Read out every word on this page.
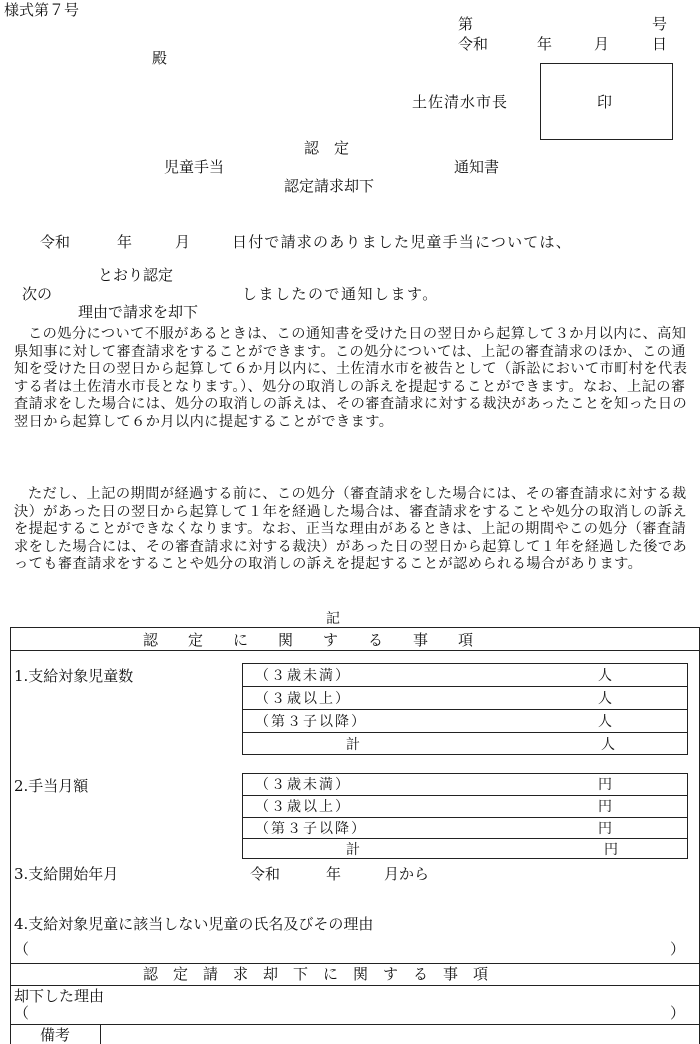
様式第７号
第	号
令和	年	月	日
殿
土佐清水市長	印
認　定
児童手当	通知書
認定請求却下
令和	年	月	日付で請求のありました児童手当については、
とおり認定
次の	しましたので通知します。
理由で請求を却下
この処分について不服があるときは、この通知書を受けた日の翌日から起算して３か月以内に、高知県知事に対して審査請求をすることができます。この処分については、上記の審査請求のほか、この通知を受けた日の翌日から起算して６か月以内に、土佐清水市を被告として（訴訟において市町村を代表する者は土佐清水市長となります。）、処分の取消しの訴えを提起することができます。なお、上記の審査請求をした場合には、処分の取消しの訴えは、その審査請求に対する裁決があったことを知った日の翌日から起算して６か月以内に提起することができます。
ただし、上記の期間が経過する前に、この処分（審査請求をした場合には、その審査請求に対する裁決）があった日の翌日から起算して１年を経過した場合は、審査請求をすることや処分の取消しの訴えを提起することができなくなります。なお、正当な理由があるときは、上記の期間やこの処分（審査請求をした場合には、その審査請求に対する裁決）があった日の翌日から起算して１年を経過した後であっても審査請求をすることや処分の取消しの訴えを提起することが認められる場合があります。
記
認　　定　　に　　関　　す　　る　　事　　項
1.支給対象児童数	（３歳未満）	人
（３歳以上）	人
（第３子以降）	人
計	人
2.手当月額	（３歳未満）	円
（３歳以上）	円
（第３子以降）	円
計	円
3.支給開始年月	令和	年	月から
4.支給対象児童に該当しない児童の氏名及びその理由
（	）
認　定　請　求　却　下　に　関　す　る　事　項
却下した理由
（	）
備考
